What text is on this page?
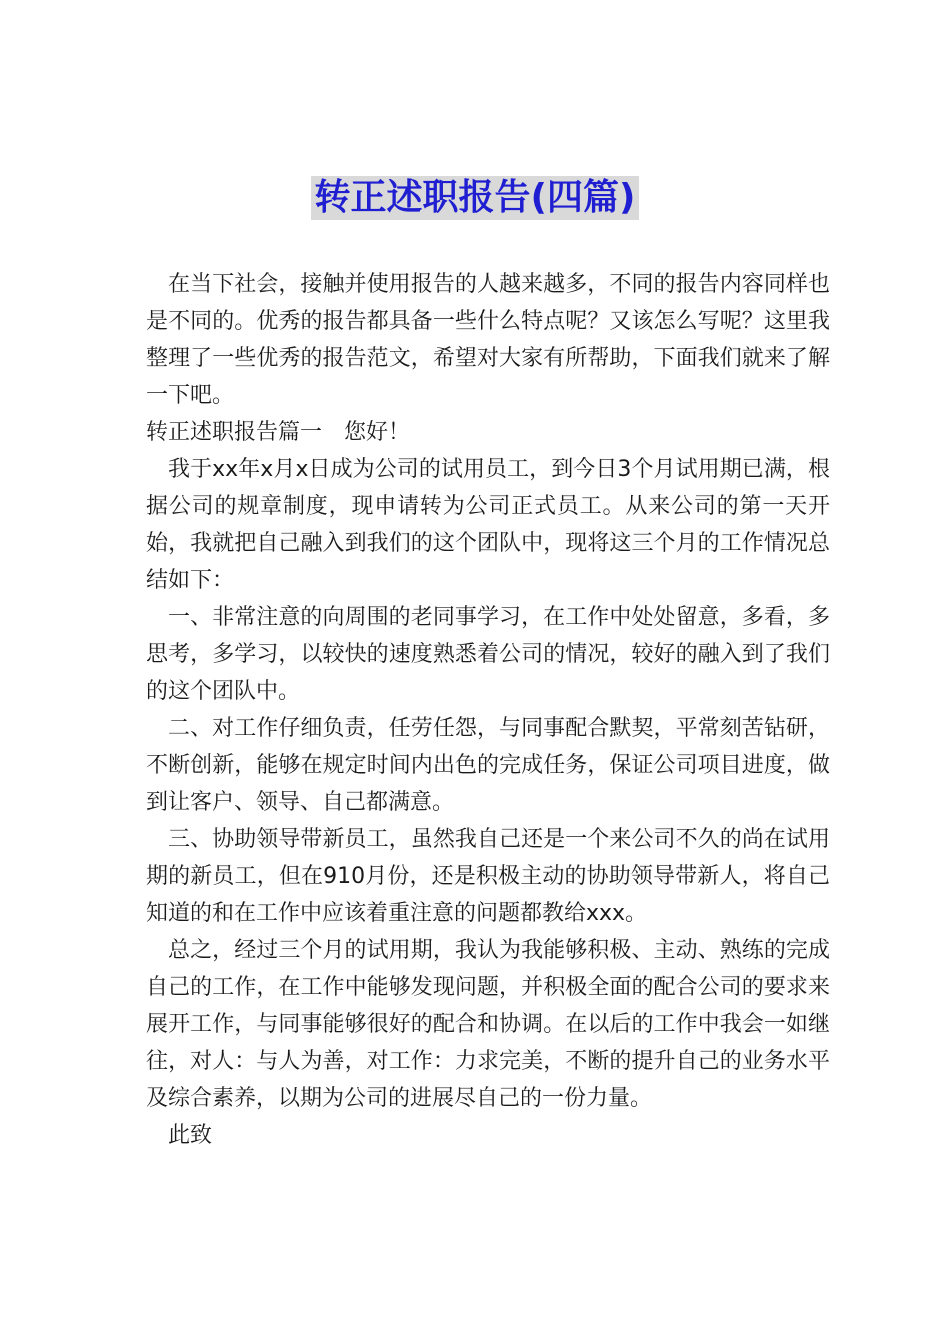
转正述职报告(四篇)

在当下社会，接触并使用报告的人越来越多，不同的报告内容同样也是不同的。优秀的报告都具备一些什么特点呢？又该怎么写呢？这里我整理了一些优秀的报告范文，希望对大家有所帮助，下面我们就来了解一下吧。

转正述职报告篇一　您好！

我于xx年x月x日成为公司的试用员工，到今日3个月试用期已满，根据公司的规章制度，现申请转为公司正式员工。从来公司的第一天开始，我就把自己融入到我们的这个团队中，现将这三个月的工作情况总结如下：

一、非常注意的向周围的老同事学习，在工作中处处留意，多看，多思考，多学习，以较快的速度熟悉着公司的情况，较好的融入到了我们的这个团队中。

二、对工作仔细负责，任劳任怨，与同事配合默契，平常刻苦钻研，不断创新，能够在规定时间内出色的完成任务，保证公司项目进度，做到让客户、领导、自己都满意。

三、协助领导带新员工，虽然我自己还是一个来公司不久的尚在试用期的新员工，但在910月份，还是积极主动的协助领导带新人，将自己知道的和在工作中应该着重注意的问题都教给xxx。

总之，经过三个月的试用期，我认为我能够积极、主动、熟练的完成自己的工作，在工作中能够发现问题，并积极全面的配合公司的要求来展开工作，与同事能够很好的配合和协调。在以后的工作中我会一如继往，对人：与人为善，对工作：力求完美，不断的提升自己的业务水平及综合素养，以期为公司的进展尽自己的一份力量。

此致
